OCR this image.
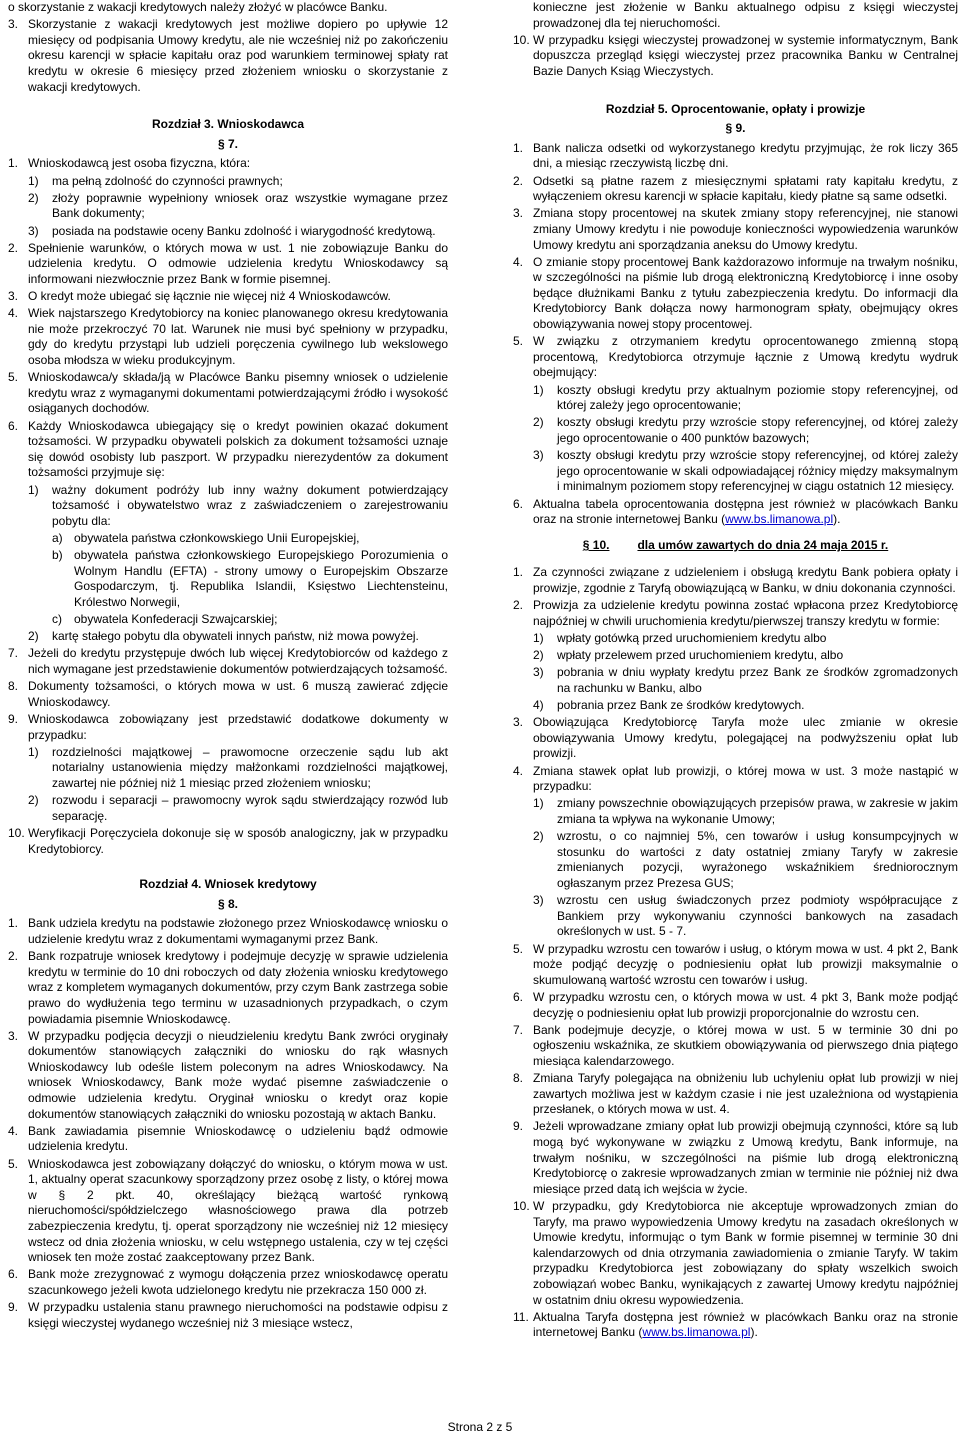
o skorzystanie z wakacji kredytowych należy złożyć w placówce Banku.
3. Skorzystanie z wakacji kredytowych jest możliwe dopiero po upływie 12 miesięcy od podpisania Umowy kredytu, ale nie wcześniej niż po zakończeniu okresu karencji w spłacie kapitału oraz pod warunkiem terminowej spłaty rat kredytu w okresie 6 miesięcy przed złożeniem wniosku o skorzystanie z wakacji kredytowych.
Rozdział 3. Wnioskodawca
§ 7.
1. Wnioskodawcą jest osoba fizyczna, która:
1)	ma pełną zdolność do czynności prawnych;
2)	złoży poprawnie wypełniony wniosek oraz wszystkie wymagane przez Bank dokumenty;
3)	posiada na podstawie oceny Banku zdolność i wiarygodność kredytową.
2. Spełnienie warunków, o których mowa w ust. 1 nie zobowiązuje Banku do udzielenia kredytu. O odmowie udzielenia kredytu Wnioskodawcy są informowani niezwłocznie przez Bank w formie pisemnej.
3. O kredyt może ubiegać się łącznie nie więcej niż 4 Wnioskodawców.
4. Wiek najstarszego Kredytobiorcy na koniec planowanego okresu kredytowania nie może przekroczyć 70 lat. Warunek nie musi być spełniony w przypadku, gdy do kredytu przystąpi lub udzieli poręczenia cywilnego lub wekslowego osoba młodsza w wieku produkcyjnym.
5. Wnioskodawca/y składa/ją w Placówce Banku pisemny wniosek o udzielenie kredytu wraz z wymaganymi dokumentami potwierdzającymi źródło i wysokość osiąganych dochodów.
6. Każdy Wnioskodawca ubiegający się o kredyt powinien okazać dokument tożsamości. W przypadku obywateli polskich za dokument tożsamości uznaje się dowód osobisty lub paszport. W przypadku nierezydentów za dokument tożsamości przyjmuje się:
1)	ważny dokument podróży lub inny ważny dokument potwierdzający tożsamość i obywatelstwo wraz z zaświadczeniem o zarejestrowaniu pobytu dla:
a) obywatela państwa członkowskiego Unii Europejskiej,
b) obywatela państwa członkowskiego Europejskiego Porozumienia o Wolnym Handlu (EFTA) - strony umowy o Europejskim Obszarze Gospodarczym, tj. Republika Islandii, Księstwo Liechtensteinu, Królestwo Norwegii,
c)	obywatela Konfederacji Szwajcarskiej;
2)	kartę stałego pobytu dla obywateli innych państw, niż mowa powyżej.
7. Jeżeli do kredytu przystępuje dwóch lub więcej Kredytobiorców od każdego z nich wymagane jest przedstawienie dokumentów potwierdzających tożsamość.
8. Dokumenty tożsamości, o których mowa w ust. 6 muszą zawierać zdjęcie Wnioskodawcy.
9. Wnioskodawca zobowiązany jest przedstawić dodatkowe dokumenty w przypadku:
1)	rozdzielności majątkowej – prawomocne orzeczenie sądu lub akt notarialny ustanowienia między małżonkami rozdzielności majątkowej, zawartej nie później niż 1 miesiąc przed złożeniem wniosku;
2)	rozwodu i separacji – prawomocny wyrok sądu stwierdzający rozwód lub separację.
10. Weryfikacji Poręczyciela dokonuje się w sposób analogiczny, jak w przypadku Kredytobiorcy.
Rozdział 4. Wniosek kredytowy
§ 8.
1. Bank udziela kredytu na podstawie złożonego przez Wnioskodawcę wniosku o udzielenie kredytu wraz z dokumentami wymaganymi przez Bank.
2. Bank rozpatruje wniosek kredytowy i podejmuje decyzję w sprawie udzielenia kredytu w terminie do 10 dni roboczych od daty złożenia wniosku kredytowego wraz z kompletem wymaganych dokumentów, przy czym Bank zastrzega sobie prawo do wydłużenia tego terminu w uzasadnionych przypadkach, o czym powiadamia pisemnie Wnioskodawcę.
3. W przypadku podjęcia decyzji o nieudzieleniu kredytu Bank zwróci oryginały dokumentów stanowiących załączniki do wniosku do rąk własnych Wnioskodawcy lub odeśle listem poleconym na adres Wnioskodawcy. Na wniosek Wnioskodawcy, Bank może wydać pisemne zaświadczenie o odmowie udzielenia kredytu. Oryginał wniosku o kredyt oraz kopie dokumentów stanowiących załączniki do wniosku pozostają w aktach Banku.
4. Bank zawiadamia pisemnie Wnioskodawcę o udzieleniu bądź odmowie udzielenia kredytu.
5. Wnioskodawca jest zobowiązany dołączyć do wniosku, o którym mowa w ust. 1, aktualny operat szacunkowy sporządzony przez osobę z listy, o której mowa w § 2 pkt. 40, określający bieżącą wartość rynkową nieruchomości/spółdzielczego własnościowego prawa dla potrzeb zabezpieczenia kredytu, tj. operat sporządzony nie wcześniej niż 12 miesięcy wstecz od dnia złożenia wniosku, w celu wstępnego ustalenia, czy w tej części wniosek ten może zostać zaakceptowany przez Bank.
6. Bank może zrezygnować z wymogu dołączenia przez wnioskodawcę operatu szacunkowego jeżeli kwota udzielonego kredytu nie przekracza 150 000 zł.
9. W przypadku ustalenia stanu prawnego nieruchomości na podstawie odpisu z księgi wieczystej wydanego wcześniej niż 3 miesiące wstecz,
konieczne jest złożenie w Banku aktualnego odpisu z księgi wieczystej prowadzonej dla tej nieruchomości.
10. W przypadku księgi wieczystej prowadzonej w systemie informatycznym, Bank dopuszcza przegląd księgi wieczystej przez pracownika Banku w Centralnej Bazie Danych Ksiąg Wieczystych.
Rozdział 5. Oprocentowanie, opłaty i prowizje
§ 9.
1. Bank nalicza odsetki od wykorzystanego kredytu przyjmując, że rok liczy 365 dni, a miesiąc rzeczywistą liczbę dni.
2. Odsetki są płatne razem z miesięcznymi spłatami raty kapitału kredytu, z wyłączeniem okresu karencji w spłacie kapitału, kiedy płatne są same odsetki.
3. Zmiana stopy procentowej na skutek zmiany stopy referencyjnej, nie stanowi zmiany Umowy kredytu i nie powoduje konieczności wypowiedzenia warunków Umowy kredytu ani sporządzania aneksu do Umowy kredytu.
4. O zmianie stopy procentowej Bank każdorazowo informuje na trwałym nośniku, w szczególności na piśmie lub drogą elektroniczną Kredytobiorcę i inne osoby będące dłużnikami Banku z tytułu zabezpieczenia kredytu. Do informacji dla Kredytobiorcy Bank dołącza nowy harmonogram spłaty, obejmujący okres obowiązywania nowej stopy procentowej.
5. W związku z otrzymaniem kredytu oprocentowanego zmienną stopą procentową, Kredytobiorca otrzymuje łącznie z Umową kredytu wydruk obejmujący:
1)	koszty obsługi kredytu przy aktualnym poziomie stopy referencyjnej, od której zależy jego oprocentowanie;
2)	koszty obsługi kredytu przy wzroście stopy referencyjnej, od której zależy jego oprocentowanie o 400 punktów bazowych;
3)	koszty obsługi kredytu przy wzroście stopy referencyjnej, od której zależy jego oprocentowanie w skali odpowiadającej różnicy między maksymalnym i minimalnym poziomem stopy referencyjnej w ciągu ostatnich 12 miesięcy.
6. Aktualna tabela oprocentowania dostępna jest również w placówkach Banku oraz na stronie internetowej Banku (www.bs.limanowa.pl).
§ 10. dla umów zawartych do dnia 24 maja 2015 r.
1. Za czynności związane z udzieleniem i obsługą kredytu Bank pobiera opłaty i prowizje, zgodnie z Taryfą obowiązującą w Banku, w dniu dokonania czynności.
2. Prowizja za udzielenie kredytu powinna zostać wpłacona przez Kredytobiorcę najpóźniej w chwili uruchomienia kredytu/pierwszej transzy kredytu w formie:
1)	wpłaty gotówką przed uruchomieniem kredytu albo
2)	wpłaty przelewem przed uruchomieniem kredytu, albo
3)	pobrania w dniu wypłaty kredytu przez Bank ze środków zgromadzonych na rachunku w Banku, albo
4)	pobrania przez Bank ze środków kredytowych.
3. Obowiązująca Kredytobiorcę Taryfa może ulec zmianie w okresie obowiązywania Umowy kredytu, polegającej na podwyższeniu opłat lub prowizji.
4. Zmiana stawek opłat lub prowizji, o której mowa w ust. 3 może nastąpić w przypadku:
1)	zmiany powszechnie obowiązujących przepisów prawa, w zakresie w jakim zmiana ta wpływa na wykonanie Umowy;
2)	wzrostu, o co najmniej 5%, cen towarów i usług konsumpcyjnych w stosunku do wartości z daty ostatniej zmiany Taryfy w zakresie zmienianych pozycji, wyrażonego wskaźnikiem średniorocznym ogłaszanym przez Prezesa GUS;
3)	wzrostu cen usług świadczonych przez podmioty współpracujące z Bankiem przy wykonywaniu czynności bankowych na zasadach określonych w ust. 5 - 7.
5. W przypadku wzrostu cen towarów i usług, o którym mowa w ust. 4 pkt 2, Bank może podjąć decyzję o podniesieniu opłat lub prowizji maksymalnie o skumulowaną wartość wzrostu cen towarów i usług.
6. W przypadku wzrostu cen, o których mowa w ust. 4 pkt 3, Bank może podjąć decyzję o podniesieniu opłat lub prowizji proporcjonalnie do wzrostu cen.
7. Bank podejmuje decyzje, o której mowa w ust. 5 w terminie 30 dni po ogłoszeniu wskaźnika, ze skutkiem obowiązywania od pierwszego dnia piątego miesiąca kalendarzowego.
8. Zmiana Taryfy polegająca na obniżeniu lub uchyleniu opłat lub prowizji w niej zawartych możliwa jest w każdym czasie i nie jest uzależniona od wystąpienia przesłanek, o których mowa w ust. 4.
9. Jeżeli wprowadzane zmiany opłat lub prowizji obejmują czynności, które są lub mogą być wykonywane w związku z Umową kredytu, Bank informuje, na trwałym nośniku, w szczególności na piśmie lub drogą elektroniczną Kredytobiorcę o zakresie wprowadzanych zmian w terminie nie później niż dwa miesiące przed datą ich wejścia w życie.
10. W przypadku, gdy Kredytobiorca nie akceptuje wprowadzonych zmian do Taryfy, ma prawo wypowiedzenia Umowy kredytu na zasadach określonych w Umowie kredytu, informując o tym Bank w formie pisemnej w terminie 30 dni kalendarzowych od dnia otrzymania zawiadomienia o zmianie Taryfy. W takim przypadku Kredytobiorca jest zobowiązany do spłaty wszelkich swoich zobowiązań wobec Banku, wynikających z zawartej Umowy kredytu najpóźniej w ostatnim dniu okresu wypowiedzenia.
11. Aktualna Taryfa dostępna jest również w placówkach Banku oraz na stronie internetowej Banku (www.bs.limanowa.pl).
Strona 2 z 5
